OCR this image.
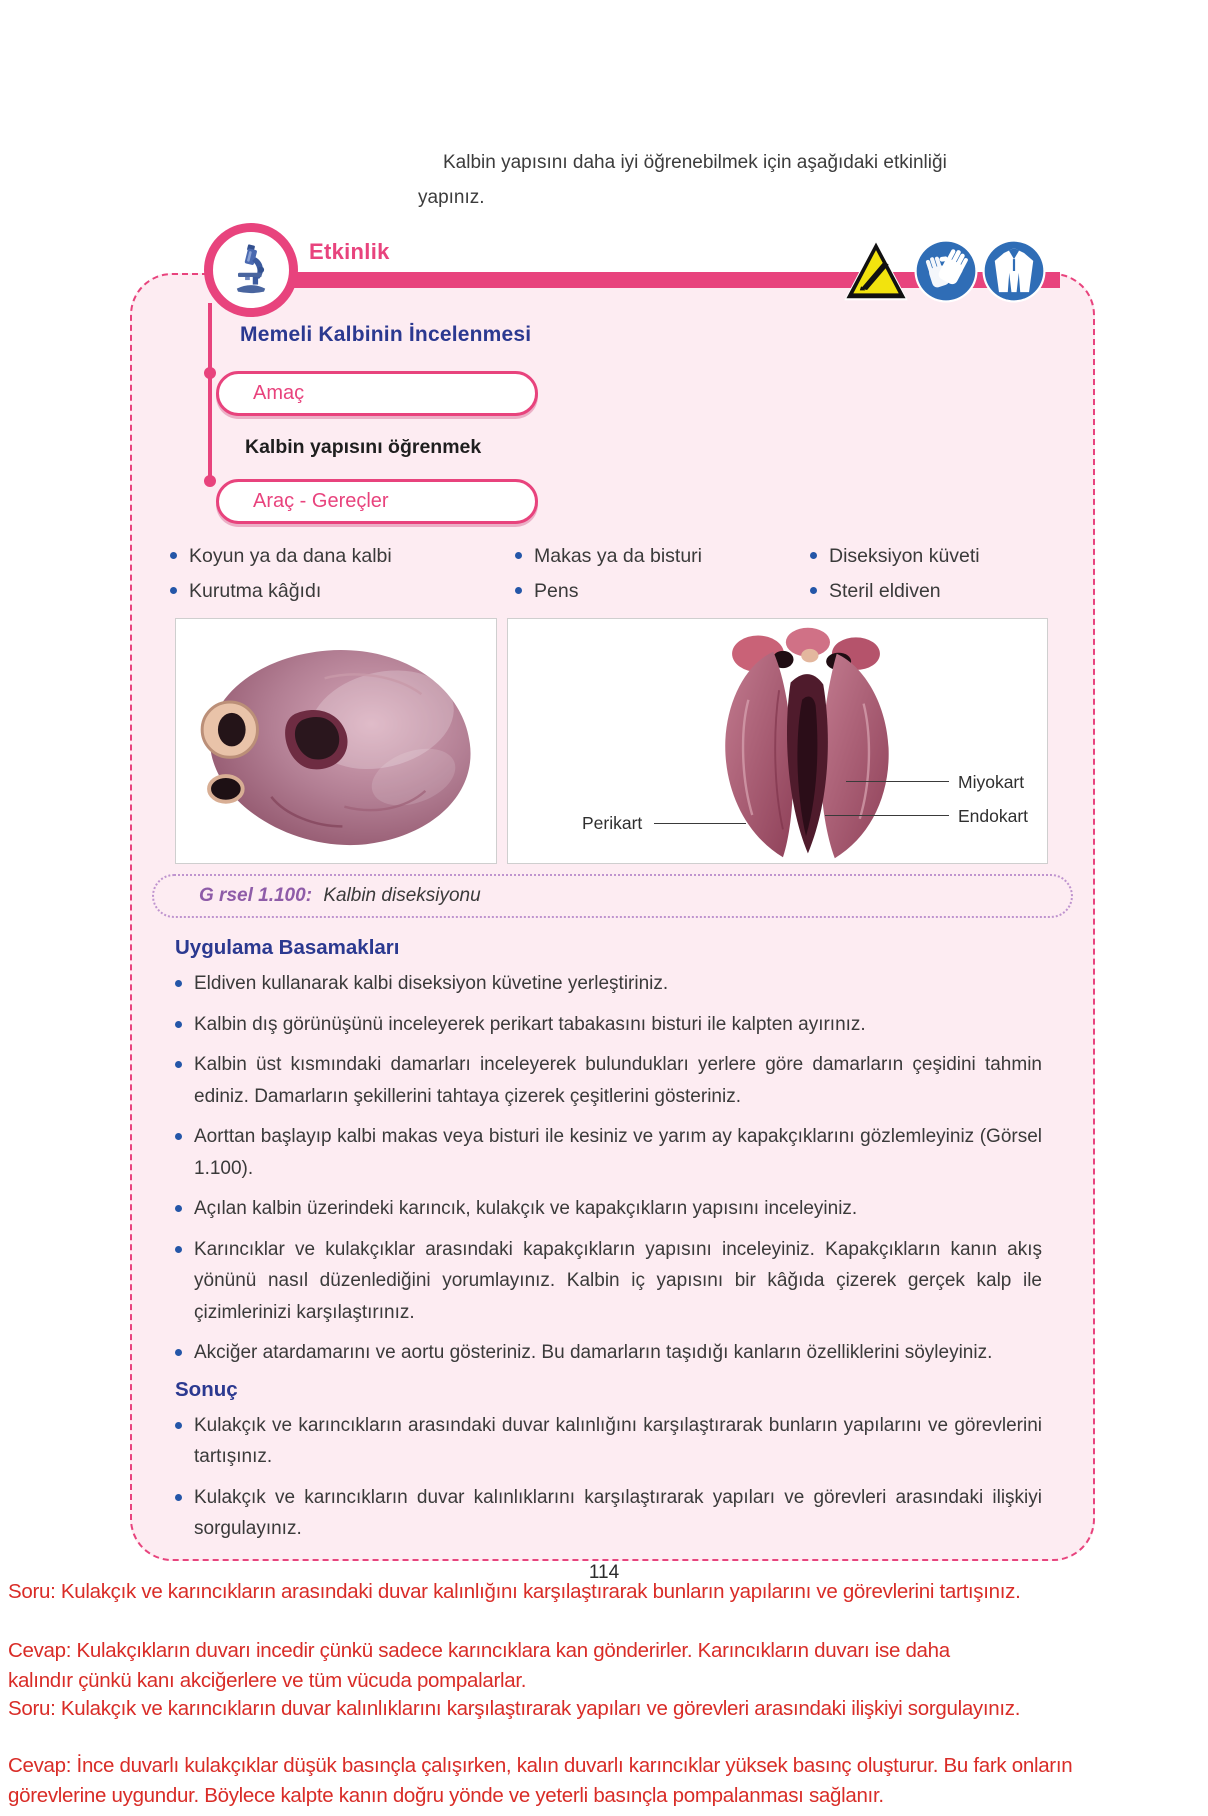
Kalbin yapısını daha iyi öğrenebilmek için aşağıdaki etkinliği
yapınız.

Etkinlik
Memeli Kalbinin İncelenmesi
Amaç
Kalbin yapısını öğrenmek
Araç - Gereçler
Koyun ya da dana kalbi	Makas ya da bisturi	Diseksiyon küveti
Kurutma kâğıdı	Pens	Steril eldiven
Perikart
Miyokart
Endokart
G rsel 1.100: Kalbin diseksiyonu
Uygulama Basamakları
Eldiven kullanarak kalbi diseksiyon küvetine yerleştiriniz.
Kalbin dış görünüşünü inceleyerek perikart tabakasını bisturi ile kalpten ayırınız.
Kalbin üst kısmındaki damarları inceleyerek bulundukları yerlere göre damarların çeşidini tahmin ediniz. Damarların şekillerini tahtaya çizerek çeşitlerini gösteriniz.
Aorttan başlayıp kalbi makas veya bisturi ile kesiniz ve yarım ay kapakçıklarını gözlemleyiniz (Görsel 1.100).
Açılan kalbin üzerindeki karıncık, kulakçık ve kapakçıkların yapısını inceleyiniz.
Karıncıklar ve kulakçıklar arasındaki kapakçıkların yapısını inceleyiniz. Kapakçıkların kanın akış yönünü nasıl düzenlediğini yorumlayınız. Kalbin iç yapısını bir kâğıda çizerek gerçek kalp ile çizimlerinizi karşılaştırınız.
Akciğer atardamarını ve aortu gösteriniz. Bu damarların taşıdığı kanların özelliklerini söyleyiniz.
Sonuç
Kulakçık ve karıncıkların arasındaki duvar kalınlığını karşılaştırarak bunların yapılarını ve görevlerini tartışınız.
Kulakçık ve karıncıkların duvar kalınlıklarını karşılaştırarak yapıları ve görevleri arasındaki ilişkiyi sorgulayınız.
114

Soru: Kulakçık ve karıncıkların arasındaki duvar kalınlığını karşılaştırarak bunların yapılarını ve görevlerini tartışınız.

Cevap: Kulakçıkların duvarı incedir çünkü sadece karıncıklara kan gönderirler. Karıncıkların duvarı ise daha kalındır çünkü kanı akciğerlere ve tüm vücuda pompalarlar.

Soru: Kulakçık ve karıncıkların duvar kalınlıklarını karşılaştırarak yapıları ve görevleri arasındaki ilişkiyi sorgulayınız.

Cevap: İnce duvarlı kulakçıklar düşük basınçla çalışırken, kalın duvarlı karıncıklar yüksek basınç oluşturur. Bu fark onların görevlerine uygundur. Böylece kalpte kanın doğru yönde ve yeterli basınçla pompalanması sağlanır.
